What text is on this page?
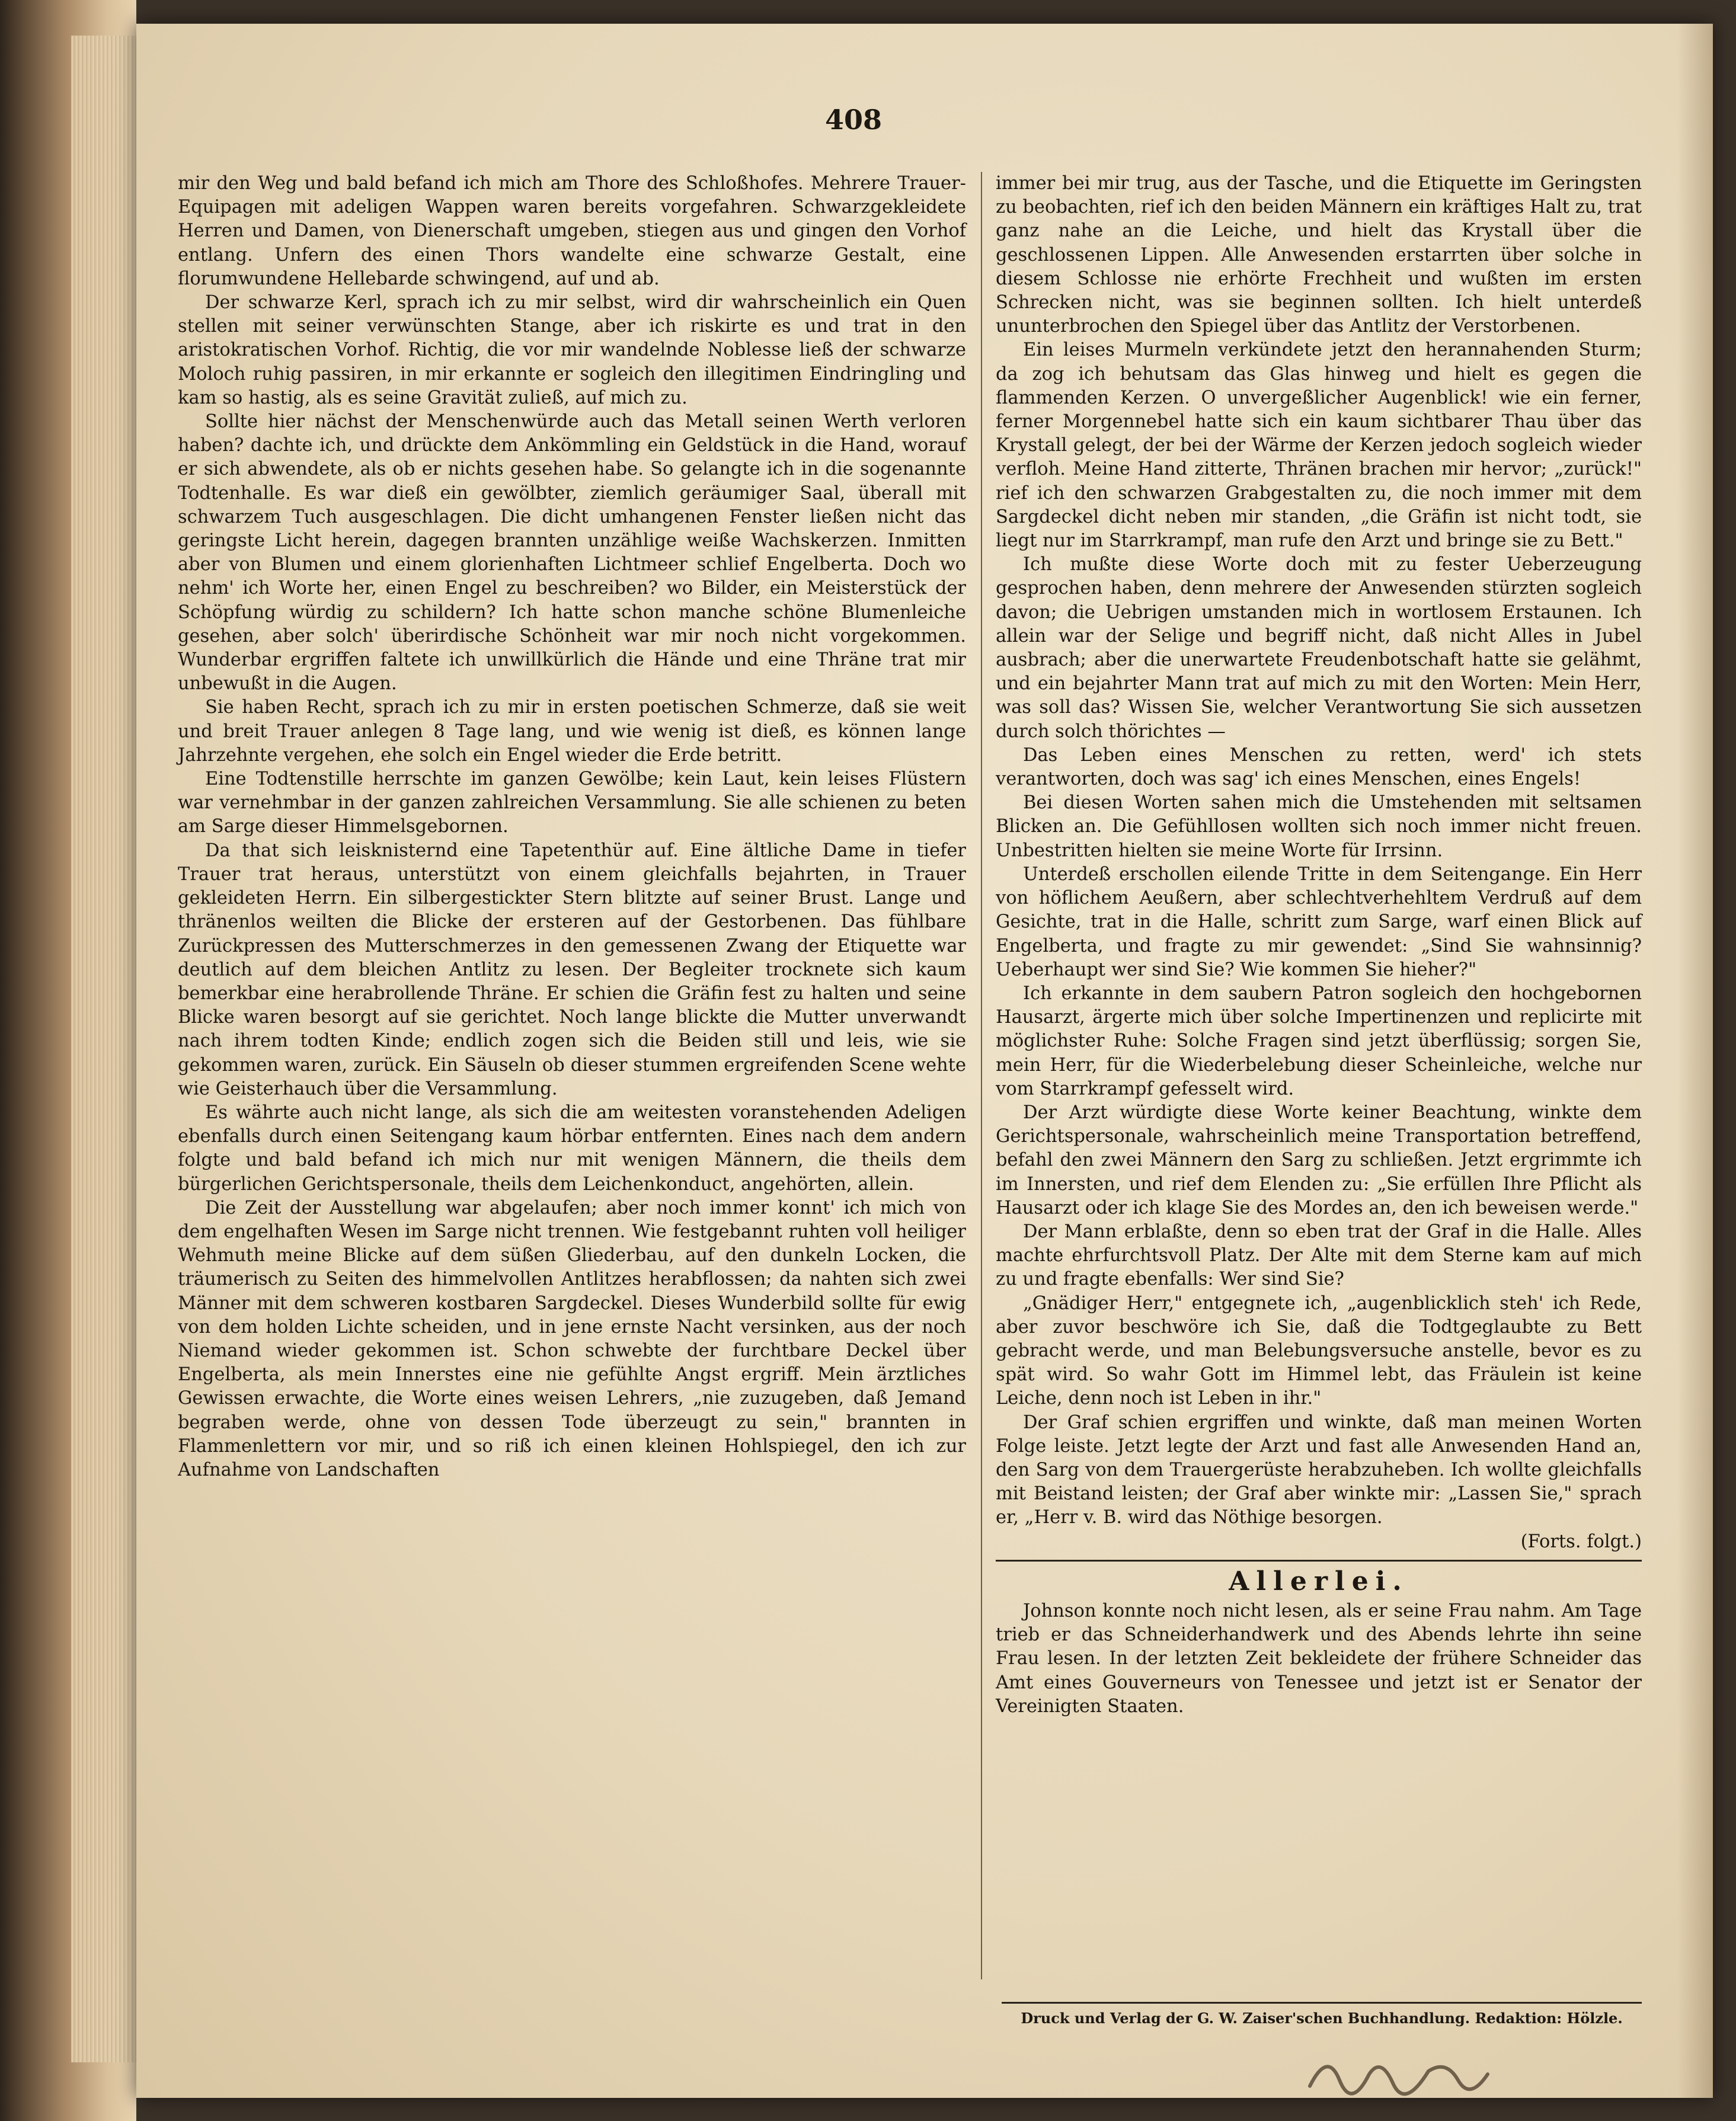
408

mir den Weg und bald befand ich mich am Thore des Schloßhofes. Mehrere Trauer-Equipagen mit adeligen Wappen waren bereits vorgefahren. Schwarzgekleidete Herren und Damen, von Dienerschaft umgeben, stiegen aus und gingen den Vorhof entlang. Unfern des einen Thors wandelte eine schwarze Gestalt, eine florumwundene Hellebarde schwingend, auf und ab.

Der schwarze Kerl, sprach ich zu mir selbst, wird dir wahrscheinlich ein Quen stellen mit seiner verwünschten Stange, aber ich riskirte es und trat in den aristokratischen Vorhof. Richtig, die vor mir wandelnde Noblesse ließ der schwarze Moloch ruhig passiren, in mir erkannte er sogleich den illegitimen Eindringling und kam so hastig, als es seine Gravität zuließ, auf mich zu.

Sollte hier nächst der Menschenwürde auch das Metall seinen Werth verloren haben? dachte ich, und drückte dem Ankömmling ein Geldstück in die Hand, worauf er sich abwendete, als ob er nichts gesehen habe. So gelangte ich in die sogenannte Todtenhalle. Es war dieß ein gewölbter, ziemlich geräumiger Saal, überall mit schwarzem Tuch ausgeschlagen. Die dicht umhangenen Fenster ließen nicht das geringste Licht herein, dagegen brannten unzählige weiße Wachskerzen. Inmitten aber von Blumen und einem glorienhaften Lichtmeer schlief Engelberta. Doch wo nehm' ich Worte her, einen Engel zu beschreiben? wo Bilder, ein Meisterstück der Schöpfung würdig zu schildern? Ich hatte schon manche schöne Blumenleiche gesehen, aber solch' überirdische Schönheit war mir noch nicht vorgekommen. Wunderbar ergriffen faltete ich unwillkürlich die Hände und eine Thräne trat mir unbewußt in die Augen.

Sie haben Recht, sprach ich zu mir in ersten poetischen Schmerze, daß sie weit und breit Trauer anlegen 8 Tage lang, und wie wenig ist dieß, es können lange Jahrzehnte vergehen, ehe solch ein Engel wieder die Erde betritt.

Eine Todtenstille herrschte im ganzen Gewölbe; kein Laut, kein leises Flüstern war vernehmbar in der ganzen zahlreichen Versammlung. Sie alle schienen zu beten am Sarge dieser Himmelsgebornen.

Da that sich leisknisternd eine Tapetenthür auf. Eine ältliche Dame in tiefer Trauer trat heraus, unterstützt von einem gleichfalls bejahrten, in Trauer gekleideten Herrn. Ein silbergestickter Stern blitzte auf seiner Brust. Lange und thränenlos weilten die Blicke der ersteren auf der Gestorbenen. Das fühlbare Zurückpressen des Mutterschmerzes in den gemessenen Zwang der Etiquette war deutlich auf dem bleichen Antlitz zu lesen. Der Begleiter trocknete sich kaum bemerkbar eine herabrollende Thräne. Er schien die Gräfin fest zu halten und seine Blicke waren besorgt auf sie gerichtet. Noch lange blickte die Mutter unverwandt nach ihrem todten Kinde; endlich zogen sich die Beiden still und leis, wie sie gekommen waren, zurück. Ein Säuseln ob dieser stummen ergreifenden Scene wehte wie Geisterhauch über die Versammlung.

Es währte auch nicht lange, als sich die am weitesten voranstehenden Adeligen ebenfalls durch einen Seitengang kaum hörbar entfernten. Eines nach dem andern folgte und bald befand ich mich nur mit wenigen Männern, die theils dem bürgerlichen Gerichtspersonale, theils dem Leichenkonduct, angehörten, allein.

Die Zeit der Ausstellung war abgelaufen; aber noch immer konnt' ich mich von dem engelhaften Wesen im Sarge nicht trennen. Wie festgebannt ruhten voll heiliger Wehmuth meine Blicke auf dem süßen Gliederbau, auf den dunkeln Locken, die träumerisch zu Seiten des himmelvollen Antlitzes herabflossen; da nahten sich zwei Männer mit dem schweren kostbaren Sargdeckel. Dieses Wunderbild sollte für ewig von dem holden Lichte scheiden, und in jene ernste Nacht versinken, aus der noch Niemand wieder gekommen ist. Schon schwebte der furchtbare Deckel über Engelberta, als mein Innerstes eine nie gefühlte Angst ergriff. Mein ärztliches Gewissen erwachte, die Worte eines weisen Lehrers, „nie zuzugeben, daß Jemand begraben werde, ohne von dessen Tode überzeugt zu sein," brannten in Flammenlettern vor mir, und so riß ich einen kleinen Hohlspiegel, den ich zur Aufnahme von Landschaften

immer bei mir trug, aus der Tasche, und die Etiquette im Geringsten zu beobachten, rief ich den beiden Männern ein kräftiges Halt zu, trat ganz nahe an die Leiche, und hielt das Krystall über die geschlossenen Lippen. Alle Anwesenden erstarrten über solche in diesem Schlosse nie erhörte Frechheit und wußten im ersten Schrecken nicht, was sie beginnen sollten. Ich hielt unterdeß ununterbrochen den Spiegel über das Antlitz der Verstorbenen.

Ein leises Murmeln verkündete jetzt den herannahenden Sturm; da zog ich behutsam das Glas hinweg und hielt es gegen die flammenden Kerzen. O unvergeßlicher Augenblick! wie ein ferner, ferner Morgennebel hatte sich ein kaum sichtbarer Thau über das Krystall gelegt, der bei der Wärme der Kerzen jedoch sogleich wieder verfloh. Meine Hand zitterte, Thränen brachen mir hervor; „zurück!" rief ich den schwarzen Grabgestalten zu, die noch immer mit dem Sargdeckel dicht neben mir standen, „die Gräfin ist nicht todt, sie liegt nur im Starrkrampf, man rufe den Arzt und bringe sie zu Bett."

Ich mußte diese Worte doch mit zu fester Ueberzeugung gesprochen haben, denn mehrere der Anwesenden stürzten sogleich davon; die Uebrigen umstanden mich in wortlosem Erstaunen. Ich allein war der Selige und begriff nicht, daß nicht Alles in Jubel ausbrach; aber die unerwartete Freudenbotschaft hatte sie gelähmt, und ein bejahrter Mann trat auf mich zu mit den Worten: Mein Herr, was soll das? Wissen Sie, welcher Verantwortung Sie sich aussetzen durch solch thörichtes —

Das Leben eines Menschen zu retten, werd' ich stets verantworten, doch was sag' ich eines Menschen, eines Engels!

Bei diesen Worten sahen mich die Umstehenden mit seltsamen Blicken an. Die Gefühllosen wollten sich noch immer nicht freuen. Unbestritten hielten sie meine Worte für Irrsinn.

Unterdeß erschollen eilende Tritte in dem Seitengange. Ein Herr von höflichem Aeußern, aber schlechtverhehltem Verdruß auf dem Gesichte, trat in die Halle, schritt zum Sarge, warf einen Blick auf Engelberta, und fragte zu mir gewendet: „Sind Sie wahnsinnig? Ueberhaupt wer sind Sie? Wie kommen Sie hieher?"

Ich erkannte in dem saubern Patron sogleich den hochgebornen Hausarzt, ärgerte mich über solche Impertinenzen und replicirte mit möglichster Ruhe: Solche Fragen sind jetzt überflüssig; sorgen Sie, mein Herr, für die Wiederbelebung dieser Scheinleiche, welche nur vom Starrkrampf gefesselt wird.

Der Arzt würdigte diese Worte keiner Beachtung, winkte dem Gerichtspersonale, wahrscheinlich meine Transportation betreffend, befahl den zwei Männern den Sarg zu schließen. Jetzt ergrimmte ich im Innersten, und rief dem Elenden zu: „Sie erfüllen Ihre Pflicht als Hausarzt oder ich klage Sie des Mordes an, den ich beweisen werde."

Der Mann erblaßte, denn so eben trat der Graf in die Halle. Alles machte ehrfurchtsvoll Platz. Der Alte mit dem Sterne kam auf mich zu und fragte ebenfalls: Wer sind Sie?

„Gnädiger Herr," entgegnete ich, „augenblicklich steh' ich Rede, aber zuvor beschwöre ich Sie, daß die Todtgeglaubte zu Bett gebracht werde, und man Belebungsversuche anstelle, bevor es zu spät wird. So wahr Gott im Himmel lebt, das Fräulein ist keine Leiche, denn noch ist Leben in ihr."

Der Graf schien ergriffen und winkte, daß man meinen Worten Folge leiste. Jetzt legte der Arzt und fast alle Anwesenden Hand an, den Sarg von dem Trauergerüste herabzuheben. Ich wollte gleichfalls mit Beistand leisten; der Graf aber winkte mir: „Lassen Sie," sprach er, „Herr v. B. wird das Nöthige besorgen.

(Forts. folgt.)

Allerlei.

Johnson konnte noch nicht lesen, als er seine Frau nahm. Am Tage trieb er das Schneiderhandwerk und des Abends lehrte ihn seine Frau lesen. In der letzten Zeit bekleidete der frühere Schneider das Amt eines Gouverneurs von Tenessee und jetzt ist er Senator der Vereinigten Staaten.

Druck und Verlag der G. W. Zaiser'schen Buchhandlung. Redaktion: Hölzle.
